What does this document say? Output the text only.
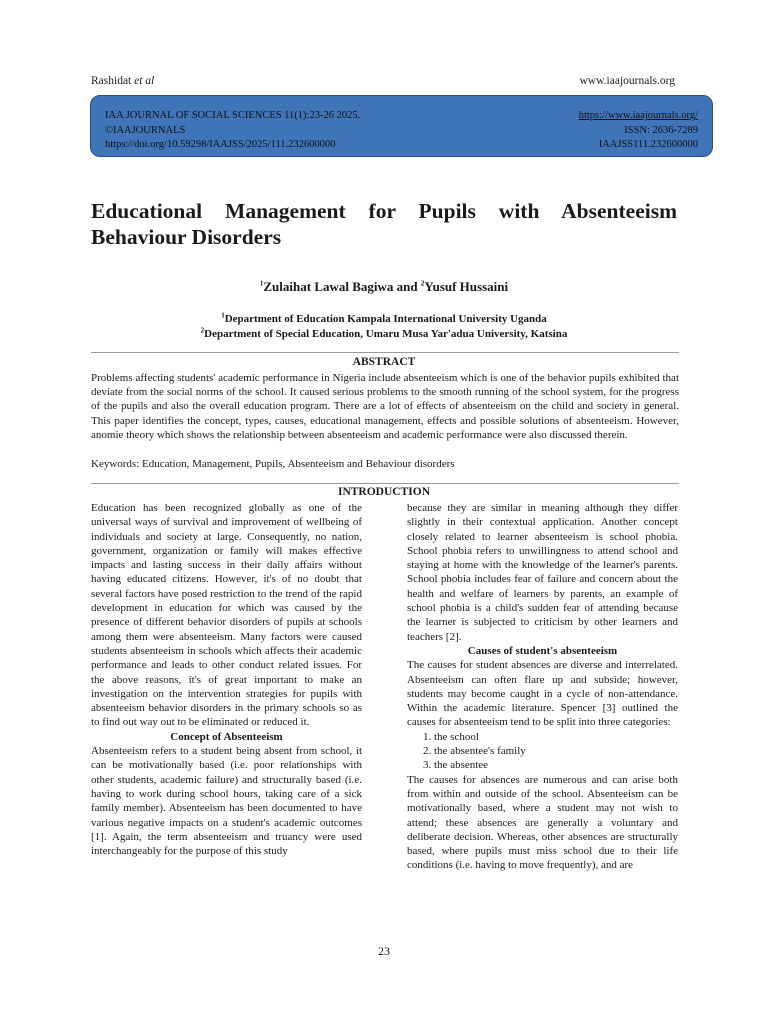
Rashidat et al	www.iaajournals.org
IAA JOURNAL OF SOCIAL SCIENCES 11(1):23-26 2025.	https://www.iaajournals.org/
©IAAJOURNALS	ISSN: 2636-7289
https://doi.org/10.59298/IAAJSS/2025/111.232600000	IAAJSS111.232600000
Educational Management for Pupils with Absenteeism Behaviour Disorders
$^1$Zulaihat Lawal Bagiwa and $^2$Yusuf Hussaini
$^1$Department of Education Kampala International University Uganda
$^2$Department of Special Education, Umaru Musa Yar'adua University, Katsina
ABSTRACT

Problems affecting students' academic performance in Nigeria include absenteeism which is one of the behavior pupils exhibited that deviate from the social norms of the school. It caused serious problems to the smooth running of the school system, for the progress of the pupils and also the overall education program. There are a lot of effects of absenteeism on the child and society in general. This paper identifies the concept, types, causes, educational management, effects and possible solutions of absenteeism. However, anomie theory which shows the relationship between absenteeism and academic performance were also discussed therein.

Keywords: Education, Management, Pupils, Absenteeism and Behaviour disorders
INTRODUCTION

Education has been recognized globally as one of the universal ways of survival and improvement of wellbeing of individuals and society at large. Consequently, no nation, government, organization or family will makes effective impacts and lasting success in their daily affairs without having educated citizens. However, it's of no doubt that several factors have posed restriction to the trend of the rapid development in education for which was caused by the presence of different behavior disorders of pupils at schools among them were absenteeism. Many factors were caused students absenteeism in schools which affects their academic performance and leads to other conduct related issues. For the above reasons, it's of great important to make an investigation on the intervention strategies for pupils with absenteeism behavior disorders in the primary schools so as to find out way out to be eliminated or reduced it.

Concept of Absenteeism

Absenteeism refers to a student being absent from school, it can be motivationally based (i.e. poor relationships with other students, academic failure) and structurally based (i.e. having to work during school hours, taking care of a sick family member). Absenteeism has been documented to have various negative impacts on a student's academic outcomes [1]. Again, the term absenteeism and truancy were used interchangeably for the purpose of this study

because they are similar in meaning although they differ slightly in their contextual application. Another concept closely related to learner absenteeism is school phobia. School phobia refers to unwillingness to attend school and staying at home with the knowledge of the learner's parents. School phobia includes fear of failure and concern about the health and welfare of learners by parents, an example of school phobia is a child's sudden fear of attending because the learner is subjected to criticism by other learners and teachers [2].

Causes of student's absenteeism

The causes for student absences are diverse and interrelated. Absenteeism can often flare up and subside; however, students may become caught in a cycle of non-attendance. Within the academic literature. Spencer [3] outlined the causes for absenteeism tend to be split into three categories:

1. the school
2. the absentee's family
3. the absentee

The causes for absences are numerous and can arise both from within and outside of the school. Absenteeism can be motivationally based, where a student may not wish to attend; these absences are generally a voluntary and deliberate decision. Whereas, other absences are structurally based, where pupils must miss school due to their life conditions (i.e. having to move frequently), and are

23
